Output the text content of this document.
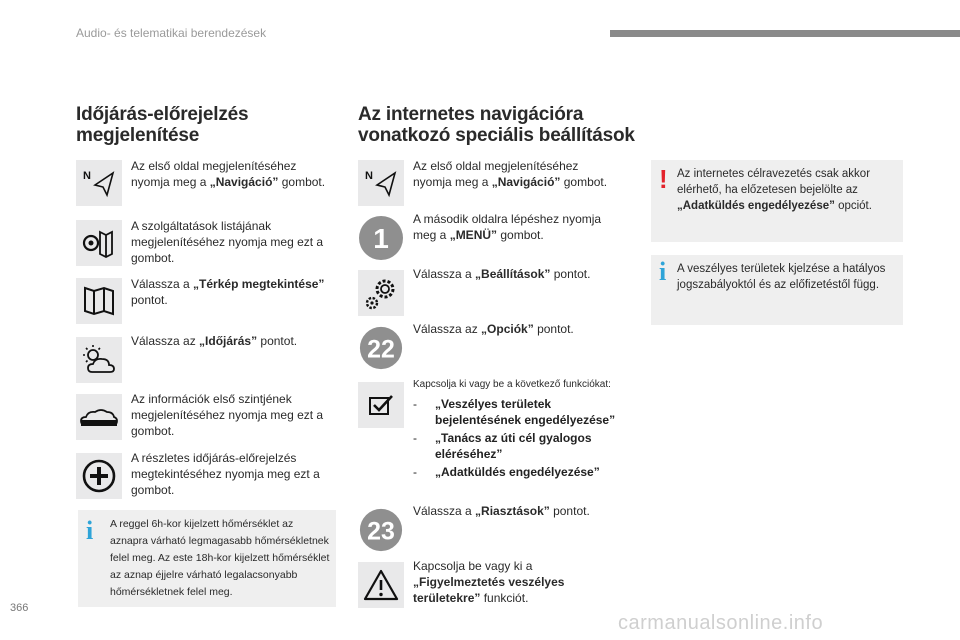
Audio- és telematikai berendezések
Időjárás-előrejelzés
megjelenítése
N
Az első oldal megjelenítéséhez nyomja meg a „Navigáció” gombot.
A szolgáltatások listájának megjelenítéséhez nyomja meg ezt a gombot.
Válassza a „Térkép megtekintése” pontot.
Válassza az „Időjárás” pontot.
Az információk első szintjének megjelenítéséhez nyomja meg ezt a gombot.
A részletes időjárás-előrejelzés megtekintéséhez nyomja meg ezt a gombot.
i A reggel 6h-kor kijelzett hőmérséklet az aznapra várható legmagasabb hőmérsékletnek felel meg. Az este 18h-kor kijelzett hőmérséklet az aznap éjjelre várható legalacsonyabb hőmérsékletnek felel meg.
Az internetes navigációra
vonatkozó speciális beállítások
N
Az első oldal megjelenítéséhez nyomja meg a „Navigáció” gombot.
1
A második oldalra lépéshez nyomja meg a „MENÜ” gombot.
Válassza a „Beállítások” pontot.
22
Válassza az „Opciók” pontot.
Kapcsolja ki vagy be a következő funkciókat:
- „Veszélyes területek bejelentésének engedélyezése”
- „Tanács az úti cél gyalogos eléréséhez”
- „Adatküldés engedélyezése”
23
Válassza a „Riasztások” pontot.
Kapcsolja be vagy ki a „Figyelmeztetés veszélyes területekre” funkciót.
! Az internetes célravezetés csak akkor elérhető, ha előzetesen bejelölte az „Adatküldés engedélyezése” opciót.
i A veszélyes területek kjelzése a hatályos jogszabályoktól és az előfizetéstől függ.
366
carmanualsonline.info
